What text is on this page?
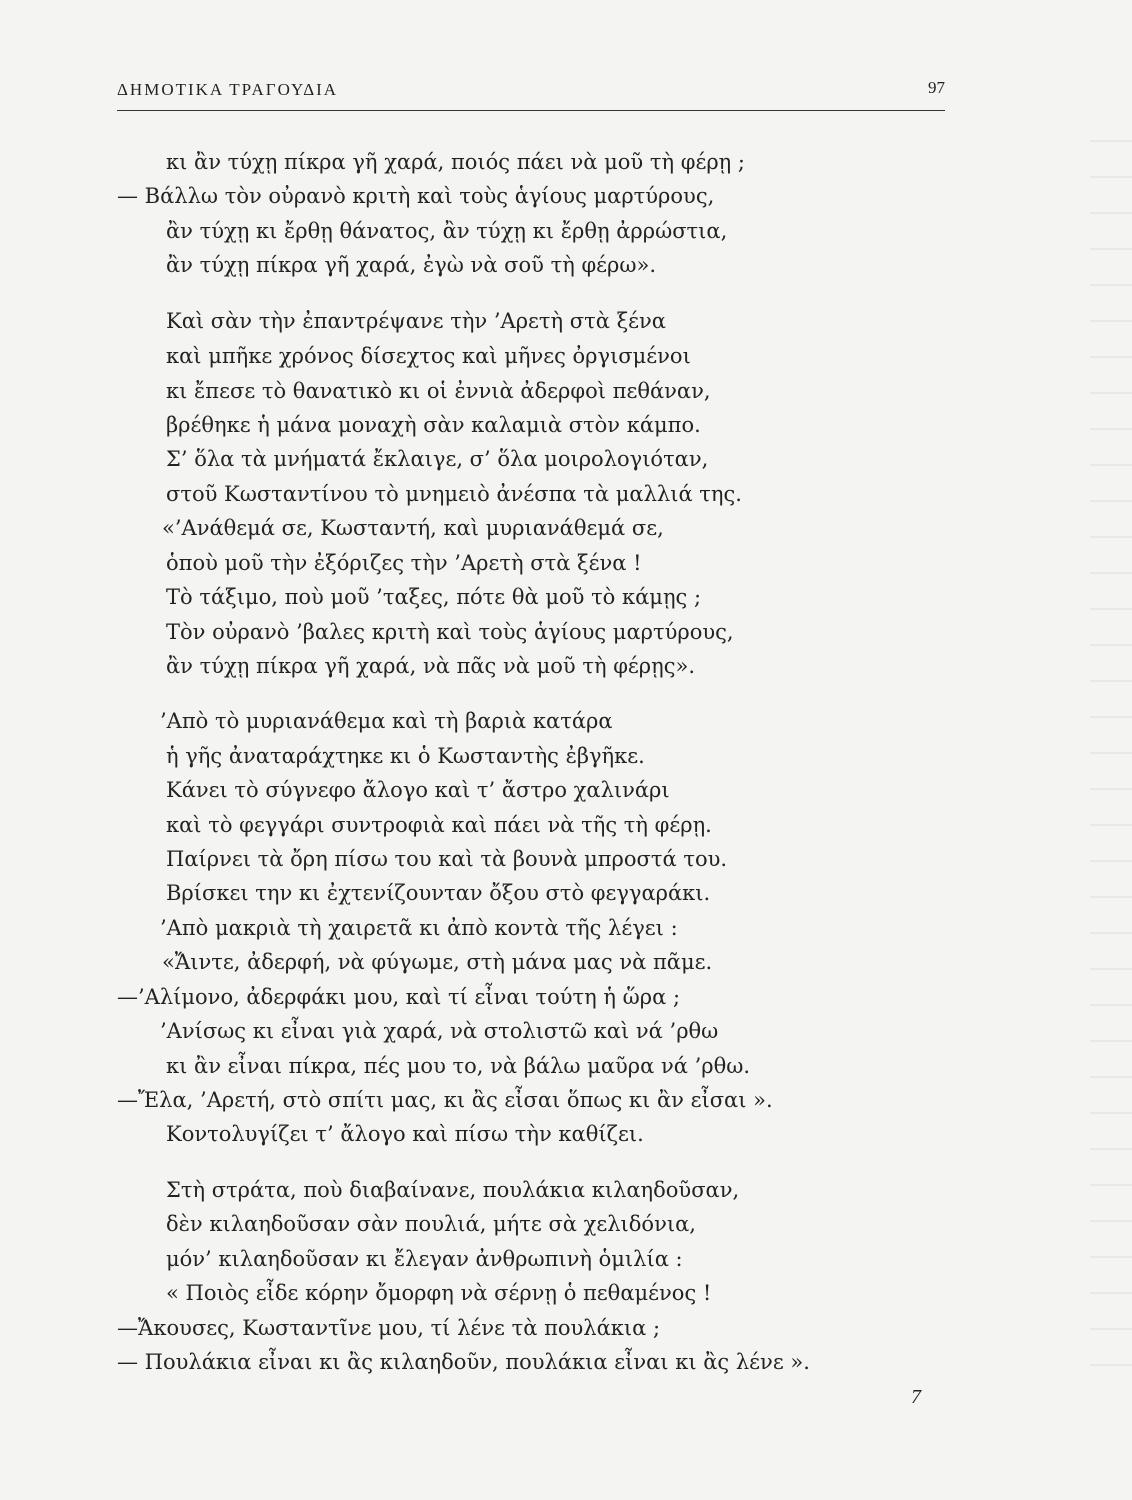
ΔΗΜΟΤΙΚΑ ΤΡΑΓΟΥΔΙΑ	97
κι ἂν τύχῃ πίκρα γῆ χαρά, ποιός πάει νὰ μοῦ τὴ φέρῃ ;
— Βάλλω τὸν οὐρανὸ κριτὴ καὶ τοὺς ἁγίους μαρτύρους,
ἂν τύχῃ κι ἔρθῃ θάνατος, ἂν τύχῃ κι ἔρθῃ ἀρρώστια,
ἂν τύχῃ πίκρα γῆ χαρά, ἐγὼ νὰ σοῦ τὴ φέρω».
Καὶ σὰν τὴν ἐπαντρέψανε τὴν ’Αρετὴ στὰ ξένα
καὶ μπῆκε χρόνος δίσεχτος καὶ μῆνες ὀργισμένοι
κι ἔπεσε τὸ θανατικὸ κι οἱ ἐννιὰ ἀδερφοὶ πεθάναν,
βρέθηκε ἡ μάνα μοναχὴ σὰν καλαμιὰ στὸν κάμπο.
Σ’ ὅλα τὰ μνήματά ἔκλαιγε, σ’ ὅλα μοιρολογιόταν,
στοῦ Κωσταντίνου τὸ μνημειὸ ἀνέσπα τὰ μαλλιά της.
«’Ανάθεμά σε, Κωσταντή, καὶ μυριανάθεμά σε,
ὁποὺ μοῦ τὴν ἐξόριζες τὴν ’Αρετὴ στὰ ξένα !
Τὸ τάξιμο, ποὺ μοῦ ’ταξες, πότε θὰ μοῦ τὸ κάμῃς ;
Τὸν οὐρανὸ ’βαλες κριτὴ καὶ τοὺς ἁγίους μαρτύρους,
ἂν τύχῃ πίκρα γῆ χαρά, νὰ πᾶς νὰ μοῦ τὴ φέρῃς».
’Απὸ τὸ μυριανάθεμα καὶ τὴ βαριὰ κατάρα
ἡ γῆς ἀναταράχτηκε κι ὁ Κωσταντὴς ἐβγῆκε.
Κάνει τὸ σύγνεφο ἄλογο καὶ τ’ ἄστρο χαλινάρι
καὶ τὸ φεγγάρι συντροφιὰ καὶ πάει νὰ τῆς τὴ φέρῃ.
Παίρνει τὰ ὄρη πίσω του καὶ τὰ βουνὰ μπροστά του.
Βρίσκει την κι ἐχτενίζουνταν ὄξου στὸ φεγγαράκι.
’Απὸ μακριὰ τὴ χαιρετᾶ κι ἀπὸ κοντὰ τῆς λέγει :
«Ἄιντε, ἀδερφή, νὰ φύγωμε, στὴ μάνα μας νὰ πᾶμε.
—’Αλίμονο, ἀδερφάκι μου, καὶ τί εἶναι τούτη ἡ ὥρα ;
’Ανίσως κι εἶναι γιὰ χαρά, νὰ στολιστῶ καὶ νά ’ρθω
κι ἂν εἶναι πίκρα, πές μου το, νὰ βάλω μαῦρα νά ’ρθω.
—Ἔλα, ’Αρετή, στὸ σπίτι μας, κι ἂς εἶσαι ὅπως κι ἂν εἶσαι ».
Κοντολυγίζει τ’ ἄλογο καὶ πίσω τὴν καθίζει.
Στὴ στράτα, ποὺ διαβαίνανε, πουλάκια κιλαηδοῦσαν,
δὲν κιλαηδοῦσαν σὰν πουλιά, μήτε σὰ χελιδόνια,
μόν’ κιλαηδοῦσαν κι ἔλεγαν ἀνθρωπινὴ ὁμιλία :
« Ποιὸς εἶδε κόρην ὄμορφη νὰ σέρνῃ ὁ πεθαμένος !
—Ἄκουσες, Κωσταντῖνε μου, τί λένε τὰ πουλάκια ;
— Πουλάκια εἶναι κι ἂς κιλαηδοῦν, πουλάκια εἶναι κι ἂς λένε ».
7
